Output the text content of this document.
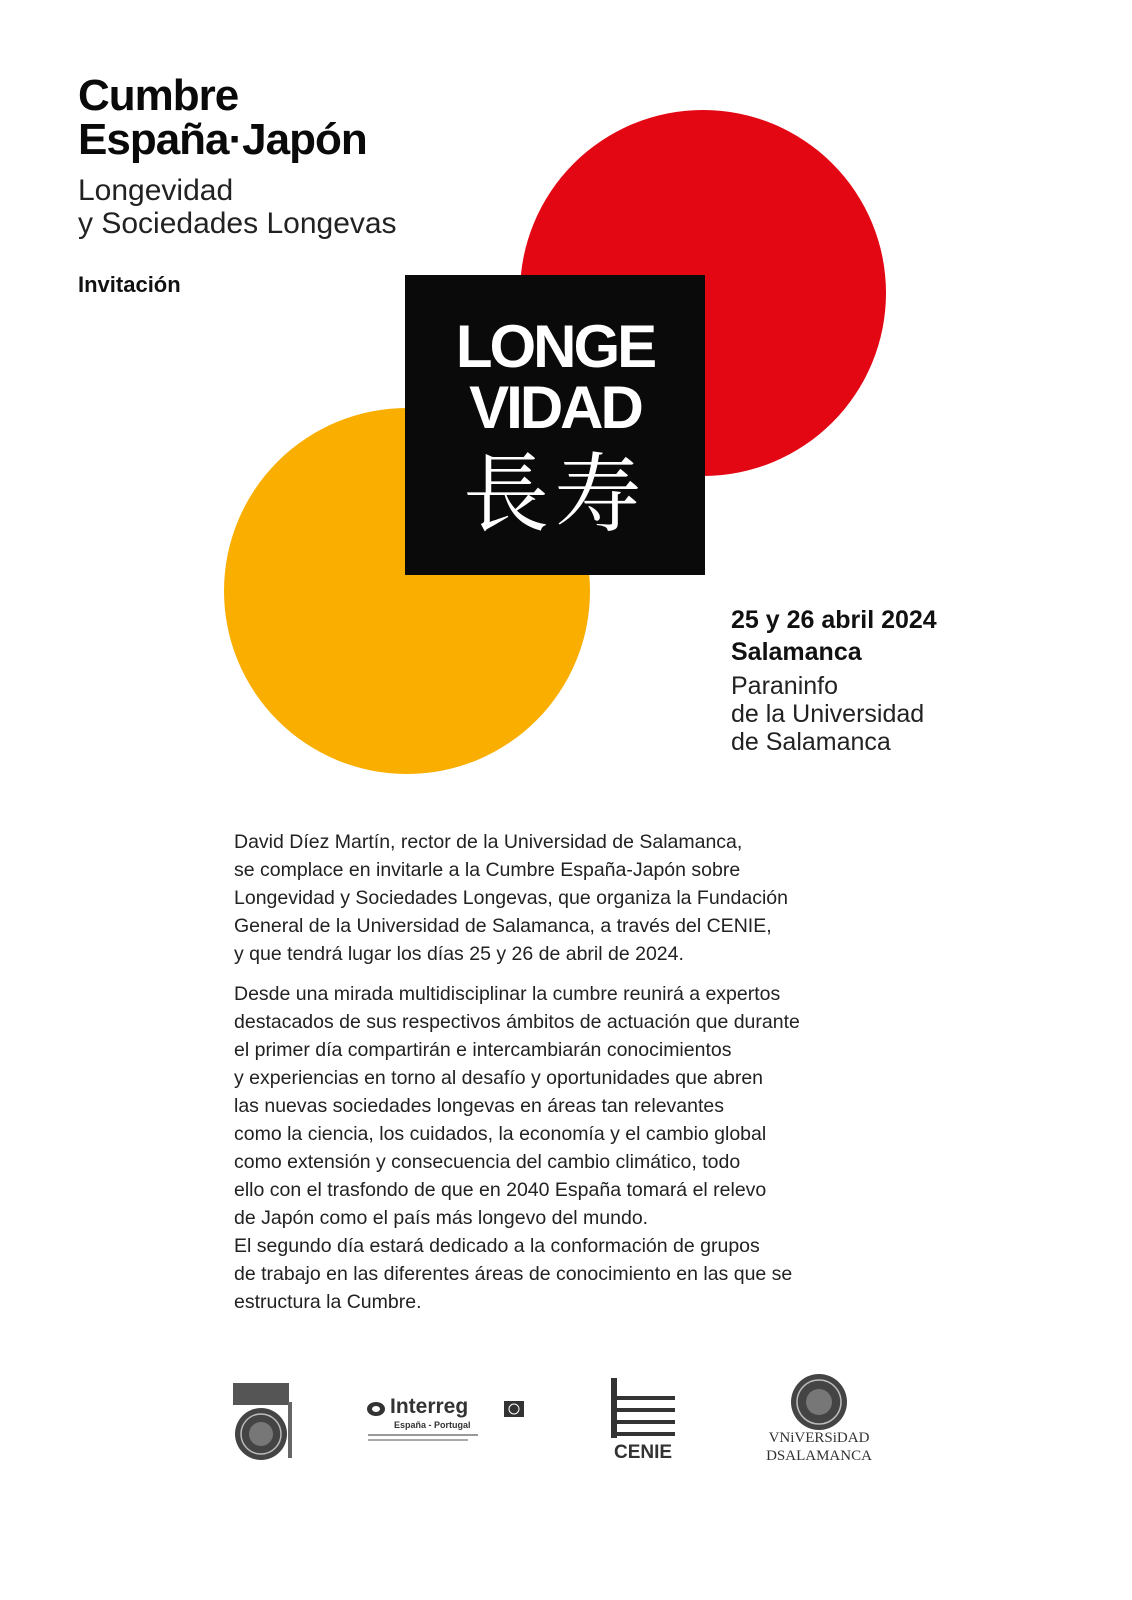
Cumbre
España·Japón
Longevidad
y Sociedades Longevas
Invitación
LONGE
VIDAD
長寿
25 y 26 abril 2024
Salamanca
Paraninfo
de la Universidad
de Salamanca

David Díez Martín, rector de la Universidad de Salamanca,
se complace en invitarle a la Cumbre España-Japón sobre
Longevidad y Sociedades Longevas, que organiza la Fundación
General de la Universidad de Salamanca, a través del CENIE,
y que tendrá lugar los días 25 y 26 de abril de 2024.

Desde una mirada multidisciplinar la cumbre reunirá a expertos
destacados de sus respectivos ámbitos de actuación que durante
el primer día compartirán e intercambiarán conocimientos
y experiencias en torno al desafío y oportunidades que abren
las nuevas sociedades longevas en áreas tan relevantes
como la ciencia, los cuidados, la economía y el cambio global
como extensión y consecuencia del cambio climático, todo
ello con el trasfondo de que en 2040 España tomará el relevo
de Japón como el país más longevo del mundo.
El segundo día estará dedicado a la conformación de grupos
de trabajo en las diferentes áreas de conocimiento en las que se
estructura la Cumbre.

Interreg
España - Portugal
CENIE
VNiVERSiDAD
DSALAMANCA
